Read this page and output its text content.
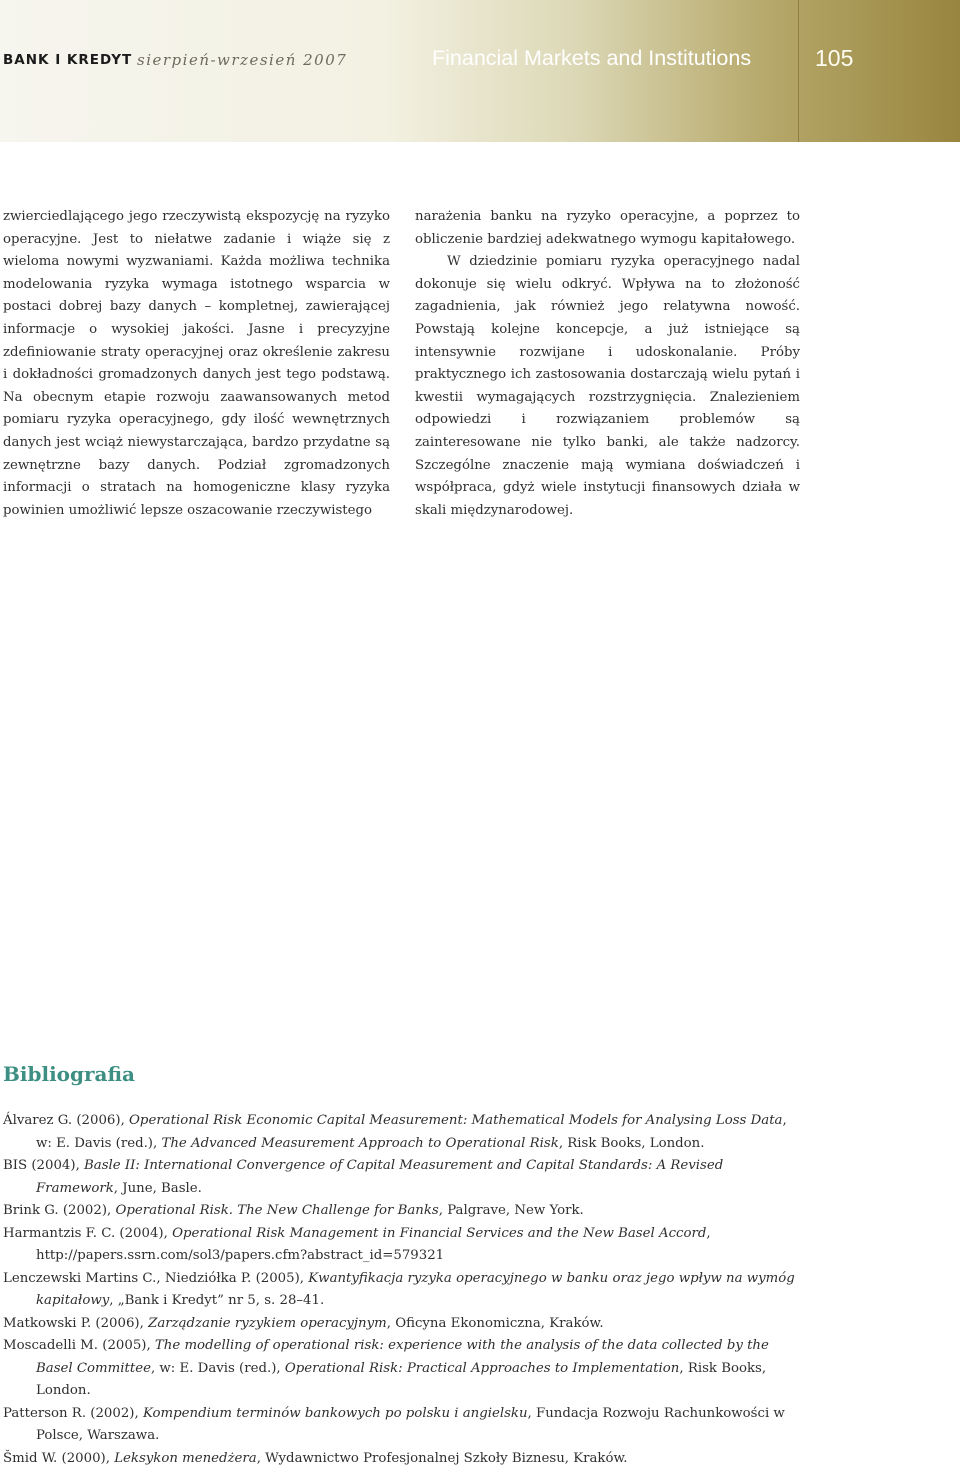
BANK I KREDYT sierpień-wrzesień 2007	Financial Markets and Institutions	105

zwierciedlającego jego rzeczywistą ekspozycję na ryzyko operacyjne. Jest to niełatwe zadanie i wiąże się z wieloma nowymi wyzwaniami. Każda możliwa technika modelowania ryzyka wymaga istotnego wsparcia w postaci dobrej bazy danych – kompletnej, zawierającej informacje o wysokiej jakości. Jasne i precyzyjne zdefiniowanie straty operacyjnej oraz określenie zakresu i dokładności gromadzonych danych jest tego podstawą. Na obecnym etapie rozwoju zaawansowanych metod pomiaru ryzyka operacyjnego, gdy ilość wewnętrznych danych jest wciąż niewystarczająca, bardzo przydatne są zewnętrzne bazy danych. Podział zgromadzonych informacji o stratach na homogeniczne klasy ryzyka powinien umożliwić lepsze oszacowanie rzeczywistego

narażenia banku na ryzyko operacyjne, a poprzez to obliczenie bardziej adekwatnego wymogu kapitałowego.

W dziedzinie pomiaru ryzyka operacyjnego nadal dokonuje się wielu odkryć. Wpływa na to złożoność zagadnienia, jak również jego relatywna nowość. Powstają kolejne koncepcje, a już istniejące są intensywnie rozwijane i udoskonalanie. Próby praktycznego ich zastosowania dostarczają wielu pytań i kwestii wymagających rozstrzygnięcia. Znalezieniem odpowiedzi i rozwiązaniem problemów są zainteresowane nie tylko banki, ale także nadzorcy. Szczególne znaczenie mają wymiana doświadczeń i współpraca, gdyż wiele instytucji finansowych działa w skali międzynarodowej.

Bibliografia

Álvarez G. (2006), Operational Risk Economic Capital Measurement: Mathematical Models for Analysing Loss Data, w: E. Davis (red.), The Advanced Measurement Approach to Operational Risk, Risk Books, London.

BIS (2004), Basle II: International Convergence of Capital Measurement and Capital Standards: A Revised Framework, June, Basle.

Brink G. (2002), Operational Risk. The New Challenge for Banks, Palgrave, New York.

Harmantzis F. C. (2004), Operational Risk Management in Financial Services and the New Basel Accord, http://papers.ssrn.com/sol3/papers.cfm?abstract_id=579321

Lenczewski Martins C., Niedziółka P. (2005), Kwantyfikacja ryzyka operacyjnego w banku oraz jego wpływ na wymóg kapitałowy, „Bank i Kredyt” nr 5, s. 28–41.

Matkowski P. (2006), Zarządzanie ryzykiem operacyjnym, Oficyna Ekonomiczna, Kraków.

Moscadelli M. (2005), The modelling of operational risk: experience with the analysis of the data collected by the Basel Committee, w: E. Davis (red.), Operational Risk: Practical Approaches to Implementation, Risk Books, London.

Patterson R. (2002), Kompendium terminów bankowych po polsku i angielsku, Fundacja Rozwoju Rachunkowości w Polsce, Warszawa.

Šmid W. (2000), Leksykon menedżera, Wydawnictwo Profesjonalnej Szkoły Biznesu, Kraków.
